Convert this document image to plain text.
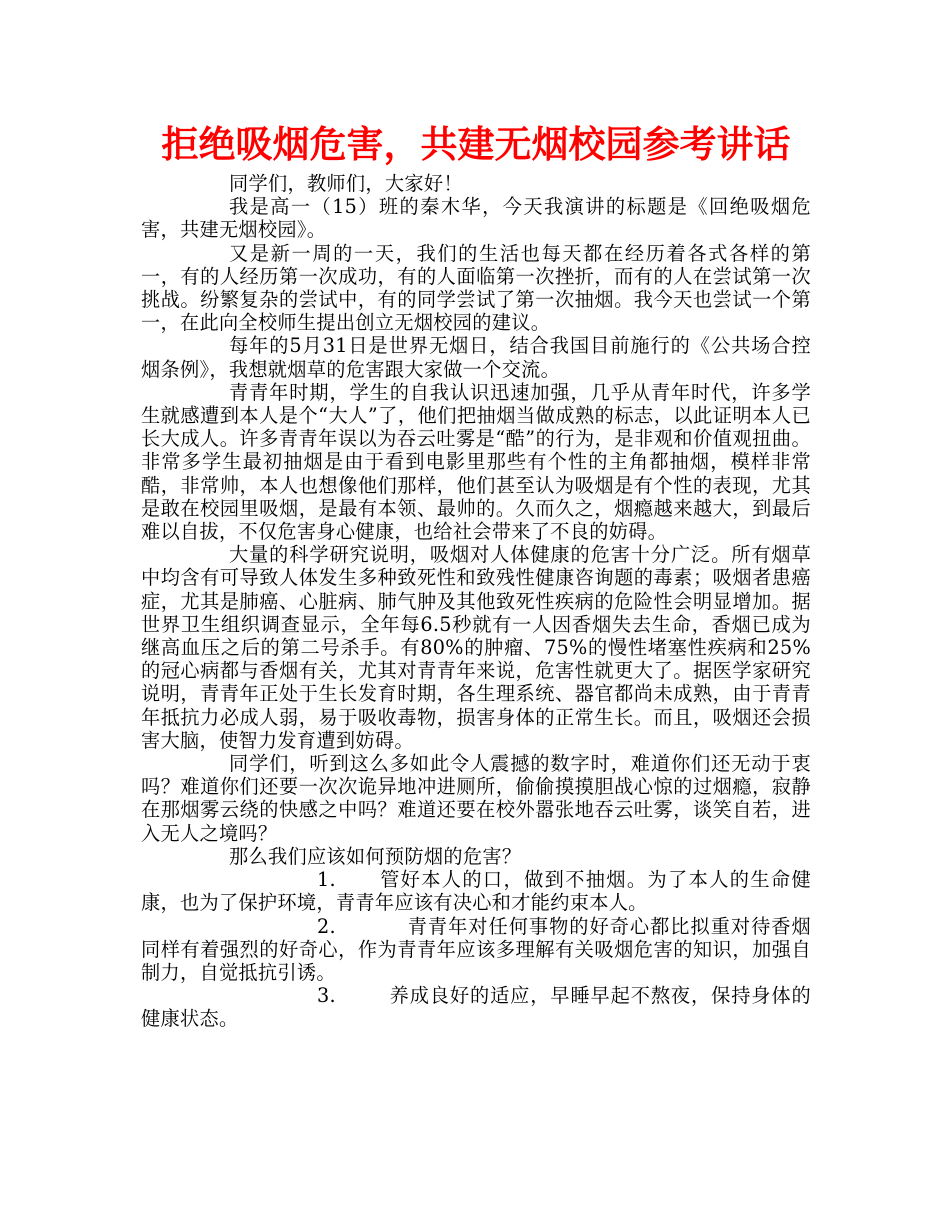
拒绝吸烟危害，共建无烟校园参考讲话

同学们，教师们，大家好！

我是高一（15）班的秦木华，今天我演讲的标题是《回绝吸烟危害，共建无烟校园》。

又是新一周的一天，我们的生活也每天都在经历着各式各样的第一，有的人经历第一次成功，有的人面临第一次挫折，而有的人在尝试第一次挑战。纷繁复杂的尝试中，有的同学尝试了第一次抽烟。我今天也尝试一个第一，在此向全校师生提出创立无烟校园的建议。

每年的5月31日是世界无烟日，结合我国目前施行的《公共场合控烟条例》，我想就烟草的危害跟大家做一个交流。

青青年时期，学生的自我认识迅速加强，几乎从青年时代，许多学生就感遭到本人是个“大人”了，他们把抽烟当做成熟的标志，以此证明本人已长大成人。许多青青年误以为吞云吐雾是“酷”的行为，是非观和价值观扭曲。非常多学生最初抽烟是由于看到电影里那些有个性的主角都抽烟，模样非常酷，非常帅，本人也想像他们那样，他们甚至认为吸烟是有个性的表现，尤其是敢在校园里吸烟，是最有本领、最帅的。久而久之，烟瘾越来越大，到最后难以自拔，不仅危害身心健康，也给社会带来了不良的妨碍。

大量的科学研究说明，吸烟对人体健康的危害十分广泛。所有烟草中均含有可导致人体发生多种致死性和致残性健康咨询题的毒素；吸烟者患癌症，尤其是肺癌、心脏病、肺气肿及其他致死性疾病的危险性会明显增加。据世界卫生组织调查显示，全年每6.5秒就有一人因香烟失去生命，香烟已成为继高血压之后的第二号杀手。有80%的肿瘤、75%的慢性堵塞性疾病和25%的冠心病都与香烟有关，尤其对青青年来说，危害性就更大了。据医学家研究说明，青青年正处于生长发育时期，各生理系统、器官都尚未成熟，由于青青年抵抗力必成人弱，易于吸收毒物，损害身体的正常生长。而且，吸烟还会损害大脑，使智力发育遭到妨碍。

同学们，听到这么多如此令人震撼的数字时，难道你们还无动于衷吗？难道你们还要一次次诡异地冲进厕所，偷偷摸摸胆战心惊的过烟瘾，寂静在那烟雾云绕的快感之中吗？难道还要在校外嚣张地吞云吐雾，谈笑自若，进入无人之境吗？

那么我们应该如何预防烟的危害？

1. 管好本人的口，做到不抽烟。为了本人的生命健康，也为了保护环境，青青年应该有决心和才能约束本人。

2.	青青年对任何事物的好奇心都比拟重对待香烟同样有着强烈的好奇心，作为青青年应该多理解有关吸烟危害的知识，加强自制力，自觉抵抗引诱。

3.	养成良好的适应，早睡早起不熬夜，保持身体的健康状态。
